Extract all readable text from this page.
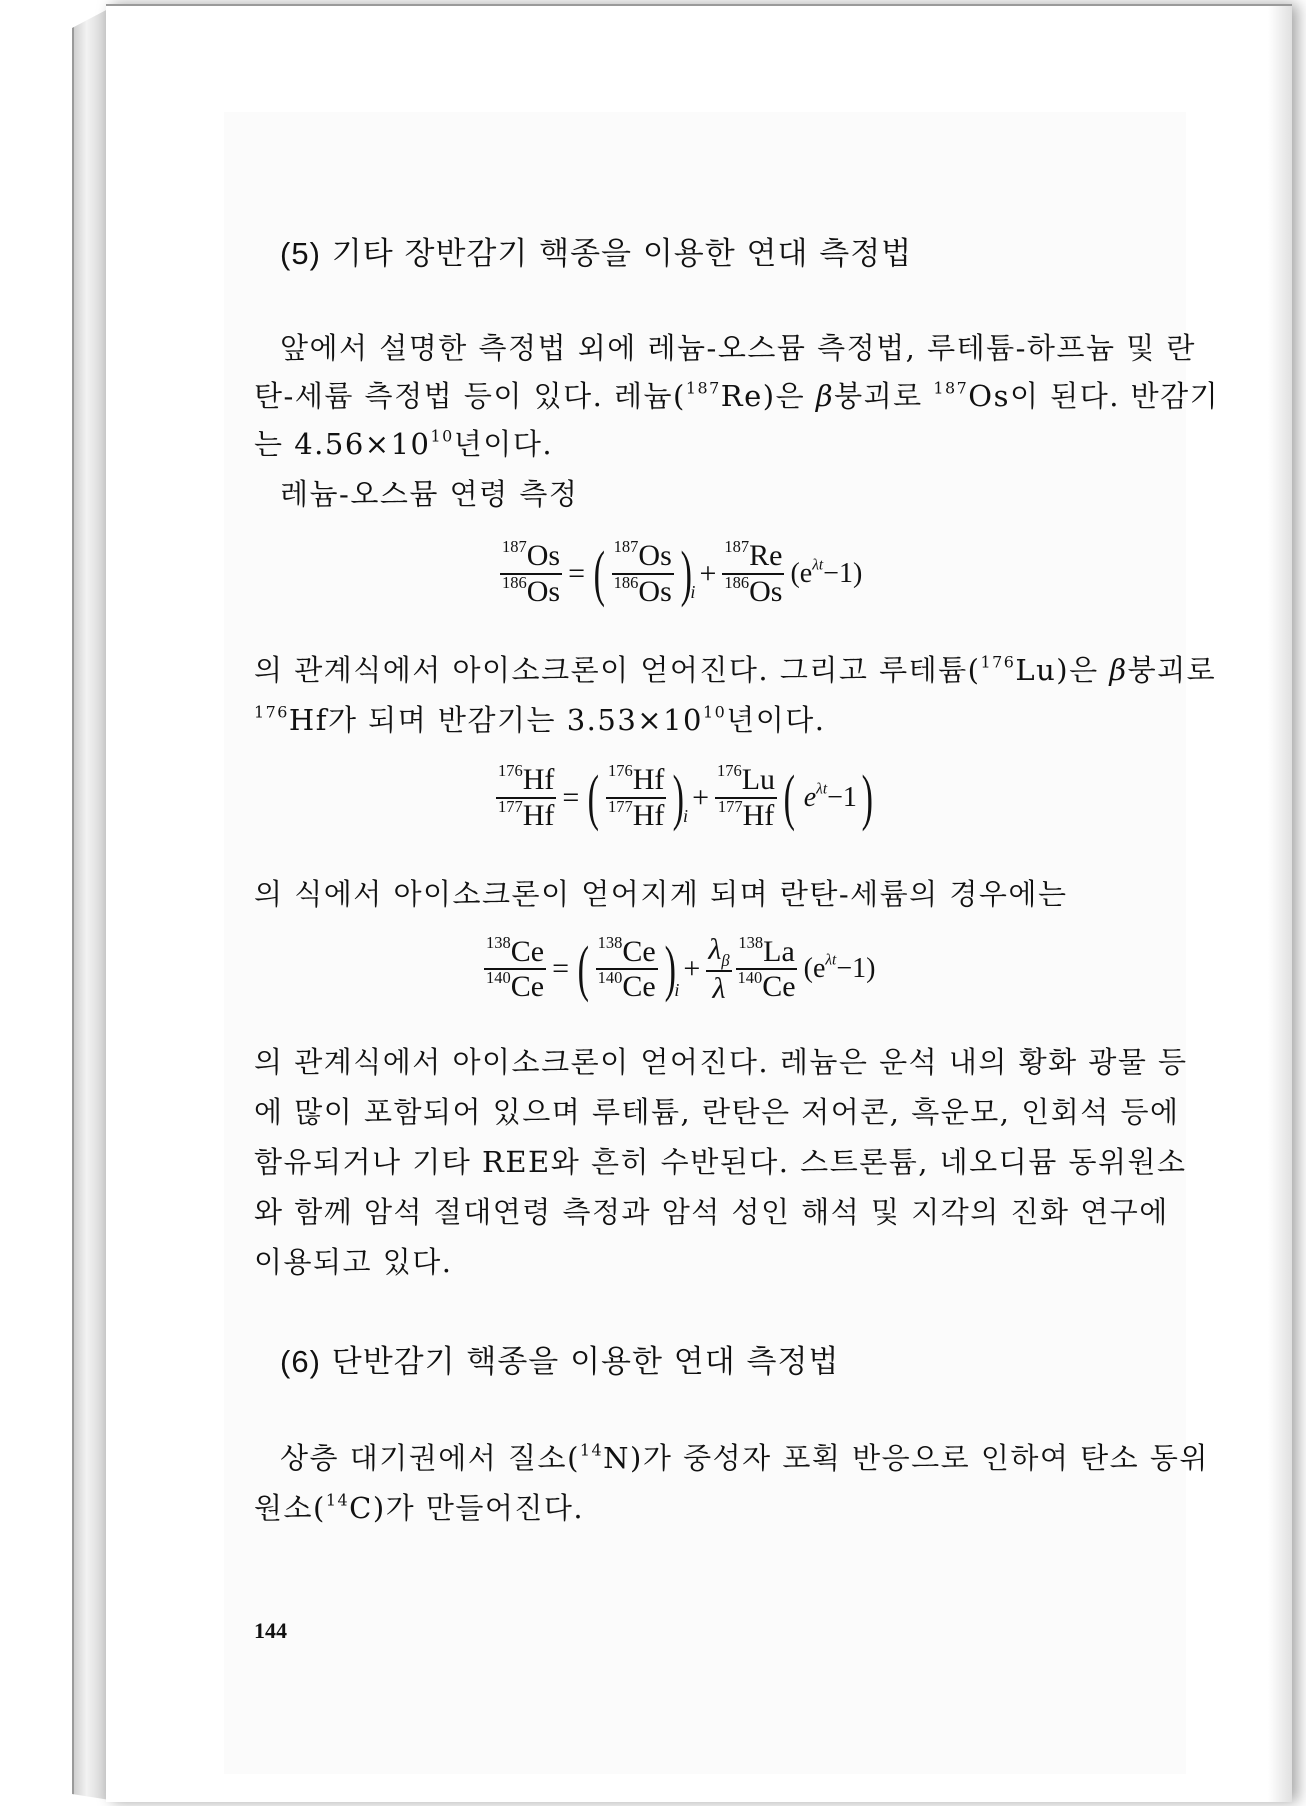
(5) 기타 장반감기 핵종을 이용한 연대 측정법
앞에서 설명한 측정법 외에 레늄-오스뮴 측정법, 루테튬-하프늄 및 란
탄-세륨 측정법 등이 있다. 레늄($^{187}$Re)은 β붕괴로 $^{187}$Os이 된다. 반감기
는 $4.56\times 10^{10}$년이다.
레늄-오스뮴 연령 측정
$\frac{^{187}Os}{^{186}Os}$ = ( $\frac{^{187}Os}{^{186}Os}$ )
i
+ $\frac{^{187}Re}{^{186}Os} (e^{\lambda t}-1)$
의 관계식에서 아이소크론이 얻어진다. 그리고 루테튬($^{176}$Lu)은 β붕괴로
$^{176}$Hf가 되며 반감기는 $3.53\times 10^{10}$년이다.
$\frac{^{176}Hf}{^{177}Hf}$ = ( $\frac{^{176}Hf}{^{177}Hf}$ )
i
+ $\frac{^{176}Lu}{^{177}Hf}$ ( $e^{\lambda t}-1$ )
의 식에서 아이소크론이 얻어지게 되며 란탄-세륨의 경우에는
$\frac{^{138}Ce}{^{140}Ce}$ = ( $\frac{^{138}Ce}{^{140}Ce}$ )
i
+ $\frac{\lambda_\beta}{\lambda} \frac{^{138}La}{^{140}Ce} (e^{\lambda t}-1)$
의 관계식에서 아이소크론이 얻어진다. 레늄은 운석 내의 황화 광물 등
에 많이 포함되어 있으며 루테튬, 란탄은 저어콘, 흑운모, 인회석 등에
함유되거나 기타 REE와 흔히 수반된다. 스트론튬, 네오디뮴 동위원소
와 함께 암석 절대연령 측정과 암석 성인 해석 및 지각의 진화 연구에
이용되고 있다.
(6) 단반감기 핵종을 이용한 연대 측정법
상층 대기권에서 질소($^{14}$N)가 중성자 포획 반응으로 인하여 탄소 동위
원소($^{14}$C)가 만들어진다.
144
